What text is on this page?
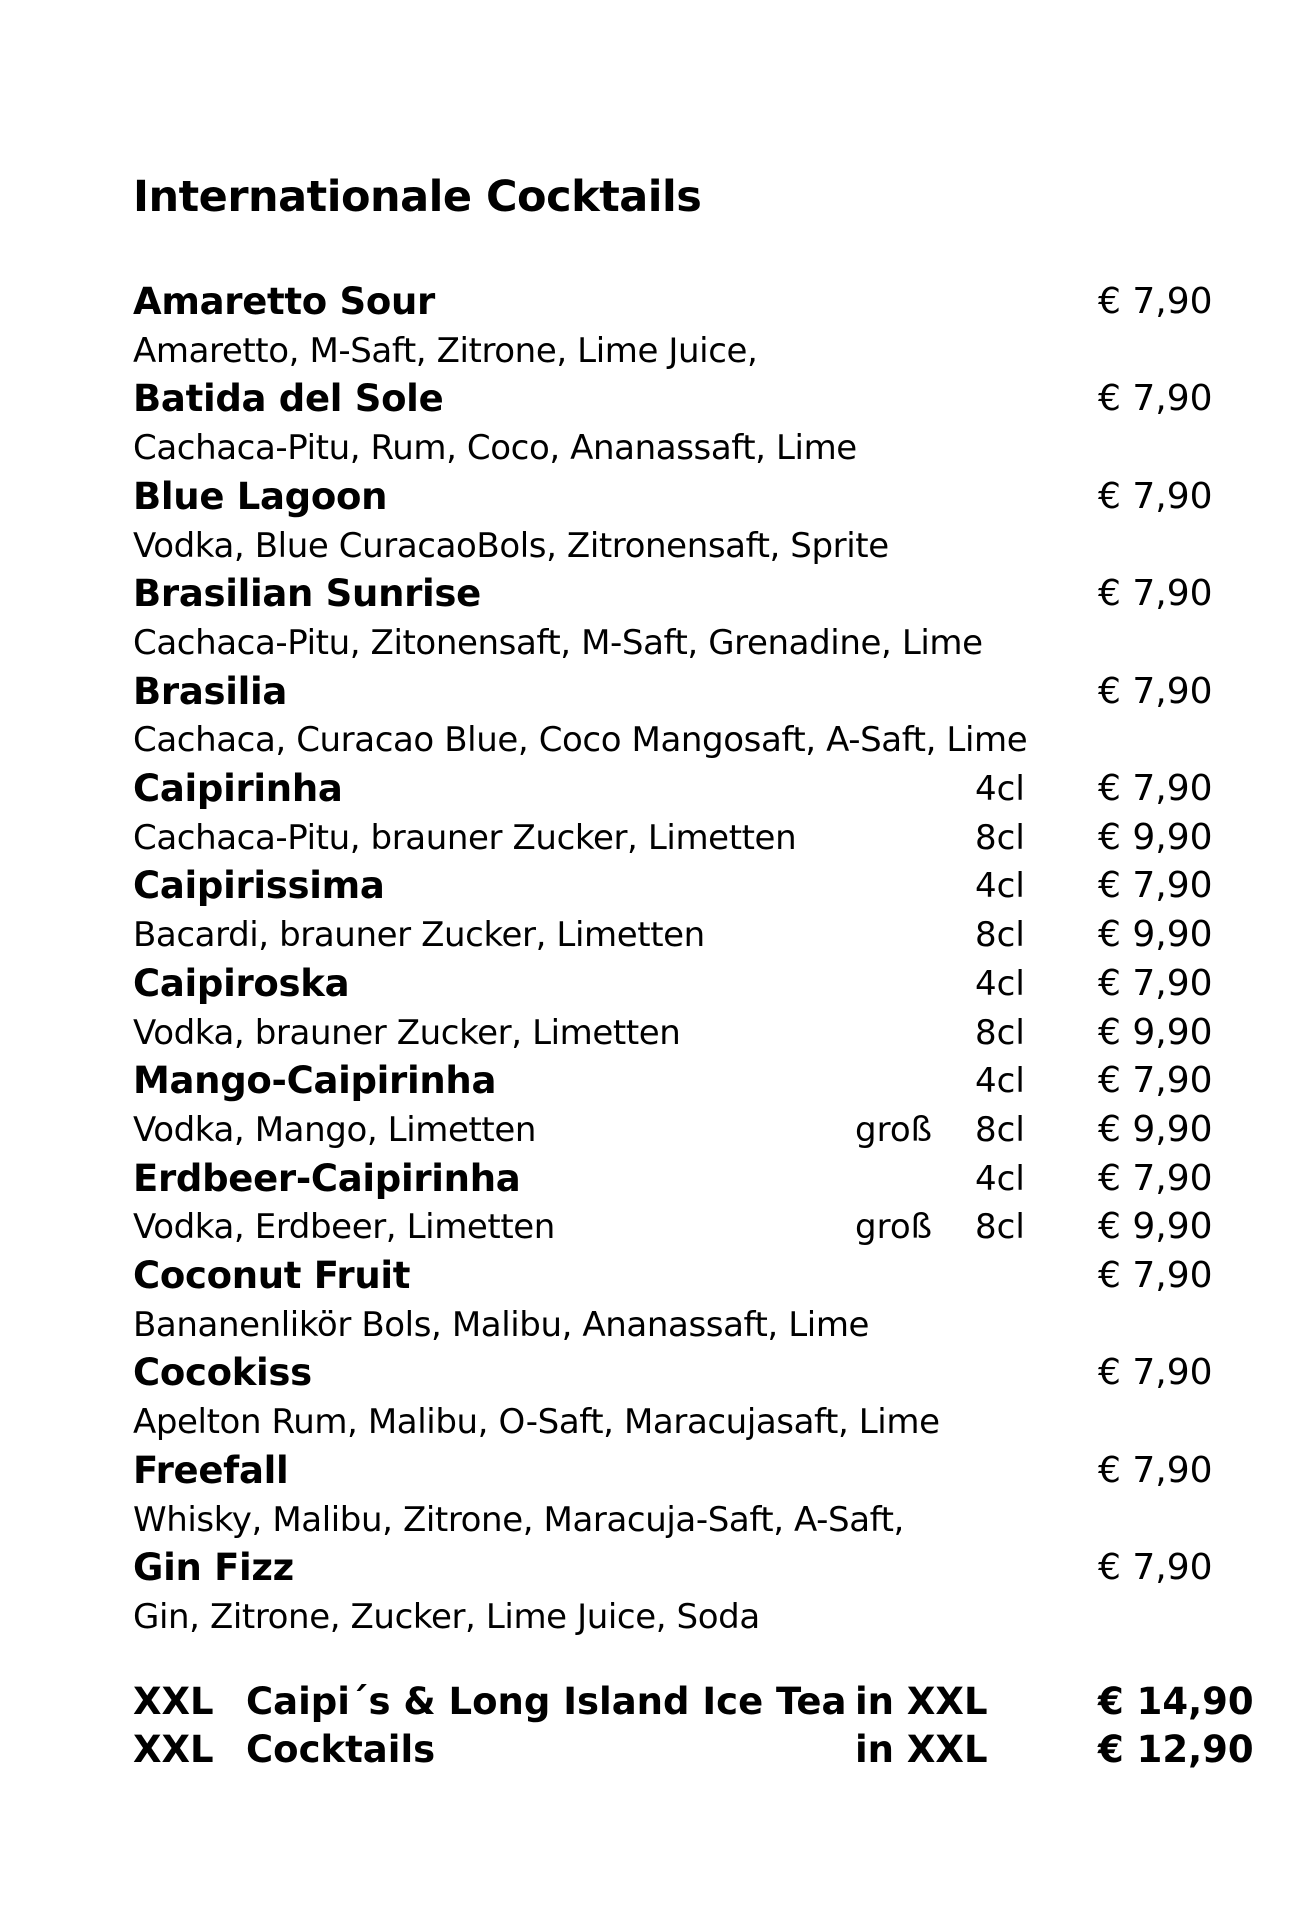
Internationale Cocktails
Amaretto Sour	€ 7,90
Amaretto, M-Saft, Zitrone, Lime Juice,
Batida del Sole	€ 7,90
Cachaca-Pitu, Rum, Coco, Ananassaft, Lime
Blue Lagoon	€ 7,90
Vodka, Blue CuracaoBols, Zitronensaft, Sprite
Brasilian Sunrise	€ 7,90
Cachaca-Pitu, Zitonensaft, M-Saft, Grenadine, Lime
Brasilia	€ 7,90
Cachaca, Curacao Blue, Coco Mangosaft, A-Saft, Lime
Caipirinha	4cl € 7,90
Cachaca-Pitu, brauner Zucker, Limetten	8cl € 9,90
Caipirissima	4cl € 7,90
Bacardi, brauner Zucker, Limetten	8cl € 9,90
Caipiroska	4cl € 7,90
Vodka, brauner Zucker, Limetten	8cl € 9,90
Mango-Caipirinha	4cl € 7,90
Vodka, Mango, Limetten	groß 8cl € 9,90
Erdbeer-Caipirinha	4cl € 7,90
Vodka, Erdbeer, Limetten	groß 8cl € 9,90
Coconut Fruit	€ 7,90
Bananenlikör Bols, Malibu, Ananassaft, Lime
Cocokiss	€ 7,90
Apelton Rum, Malibu, O-Saft, Maracujasaft, Lime
Freefall	€ 7,90
Whisky, Malibu, Zitrone, Maracuja-Saft, A-Saft,
Gin Fizz	€ 7,90
Gin, Zitrone, Zucker, Lime Juice, Soda
XXL Caipi´s & Long Island Ice Tea in XXL	€ 14,90
XXL Cocktails	in XXL	€ 12,90
